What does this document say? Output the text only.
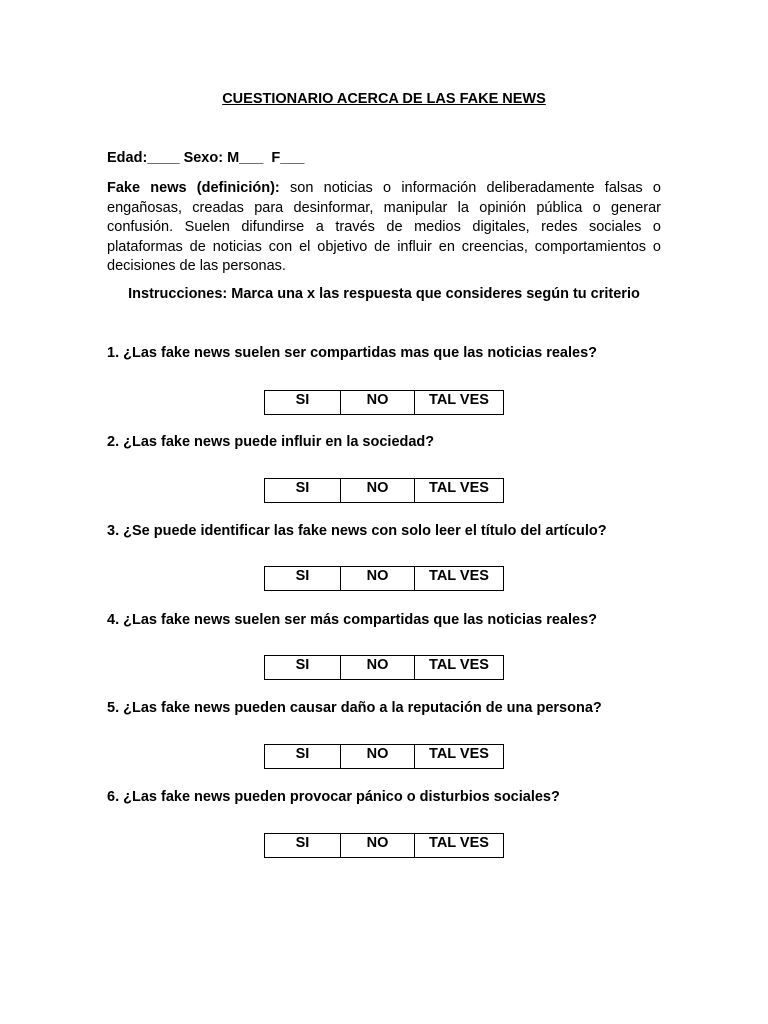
CUESTIONARIO ACERCA DE LAS FAKE NEWS
Edad:____ Sexo: M___  F___
Fake news (definición): son noticias o información deliberadamente falsas o engañosas, creadas para desinformar, manipular la opinión pública o generar confusión. Suelen difundirse a través de medios digitales, redes sociales o plataformas de noticias con el objetivo de influir en creencias, comportamientos o decisiones de las personas.
Instrucciones: Marca una x las respuesta que consideres según tu criterio
1. ¿Las fake news suelen ser compartidas mas que las noticias reales?
SI	NO	TAL VES
2. ¿Las fake news puede influir en la sociedad?
SI	NO	TAL VES
3. ¿Se puede identificar las fake news con solo leer el título del artículo?
SI	NO	TAL VES
4. ¿Las fake news suelen ser más compartidas que las noticias reales?
SI	NO	TAL VES
5. ¿Las fake news pueden causar daño a la reputación de una persona?
SI	NO	TAL VES
6. ¿Las fake news pueden provocar pánico o disturbios sociales?
SI	NO	TAL VES
